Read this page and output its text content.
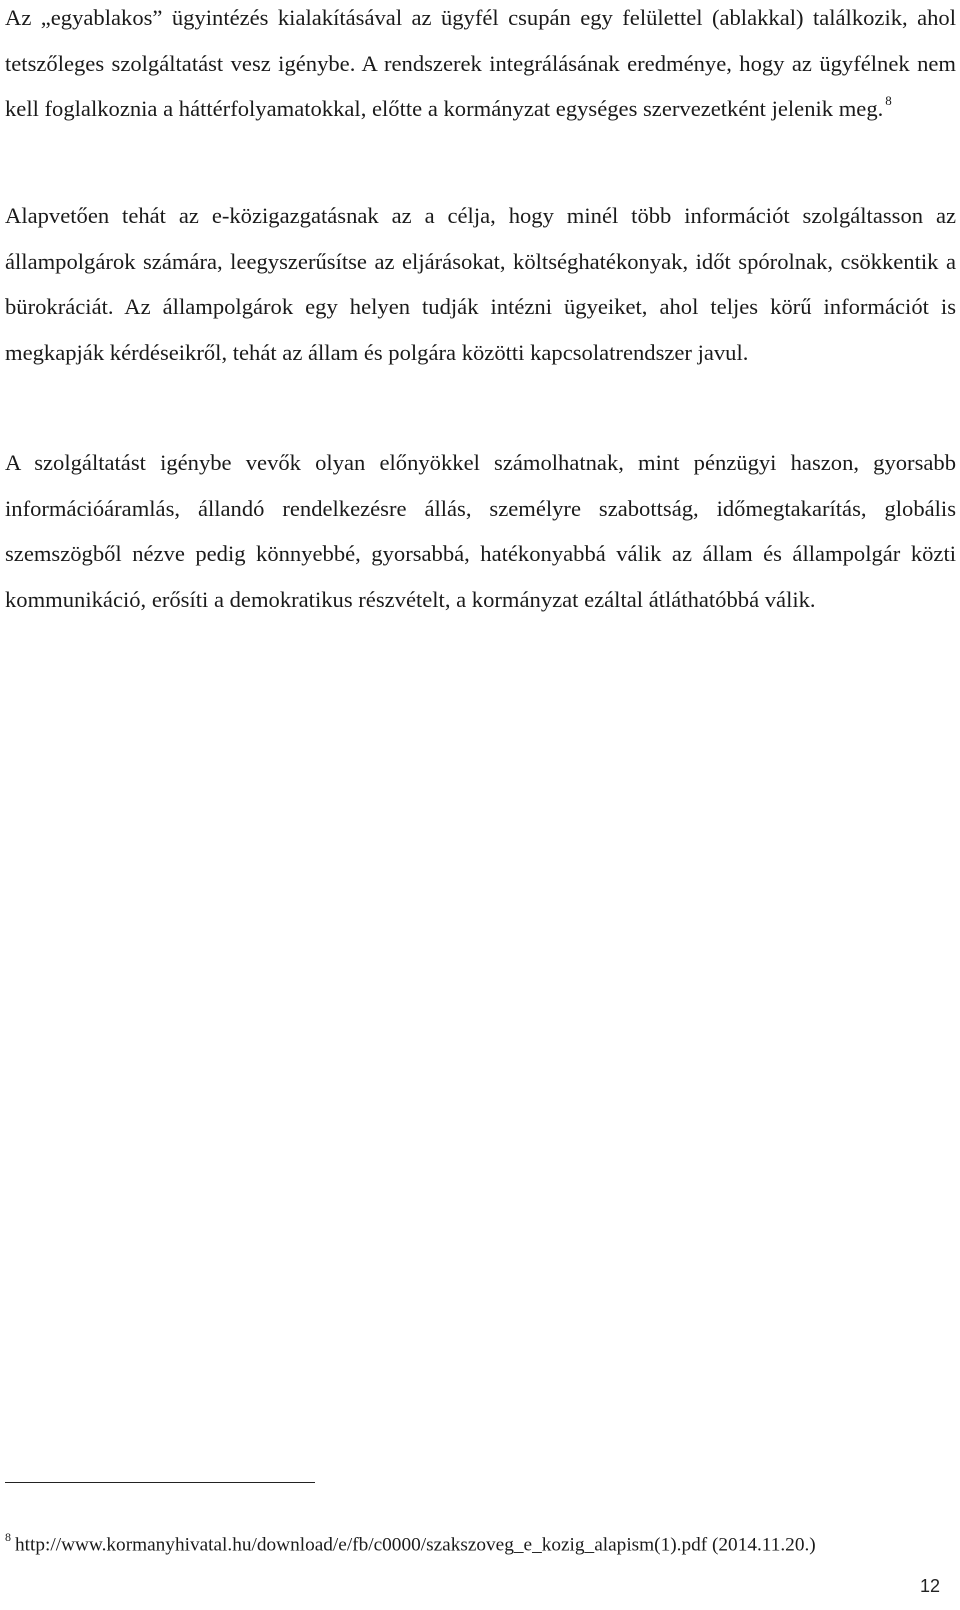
Az „egyablakos” ügyintézés kialakításával az ügyfél csupán egy felülettel (ablakkal) találkozik, ahol tetszőleges szolgáltatást vesz igénybe. A rendszerek integrálásának eredménye, hogy az ügyfélnek nem kell foglalkoznia a háttérfolyamatokkal, előtte a kormányzat egységes szervezetként jelenik meg. $^8$

Alapvetően tehát az e-közigazgatásnak az a célja, hogy minél több információt szolgáltasson az állampolgárok számára, leegyszerűsítse az eljárásokat, költséghatékonyak, időt spórolnak, csökkentik a bürokráciát. Az állampolgárok egy helyen tudják intézni ügyeiket, ahol teljes körű információt is megkapják kérdéseikről, tehát az állam és polgára közötti kapcsolatrendszer javul.

A szolgáltatást igénybe vevők olyan előnyökkel számolhatnak, mint pénzügyi haszon, gyorsabb információáramlás, állandó rendelkezésre állás, személyre szabottság, időmegtakarítás, globális szemszögből nézve pedig könnyebbé, gyorsabbá, hatékonyabbá válik az állam és állampolgár közti kommunikáció, erősíti a demokratikus részvételt, a kormányzat ezáltal átláthatóbbá válik.

$^8$ http://www.kormanyhivatal.hu/download/e/fb/c0000/szakszoveg_e_kozig_alapism(1).pdf (2014.11.20.)

12
